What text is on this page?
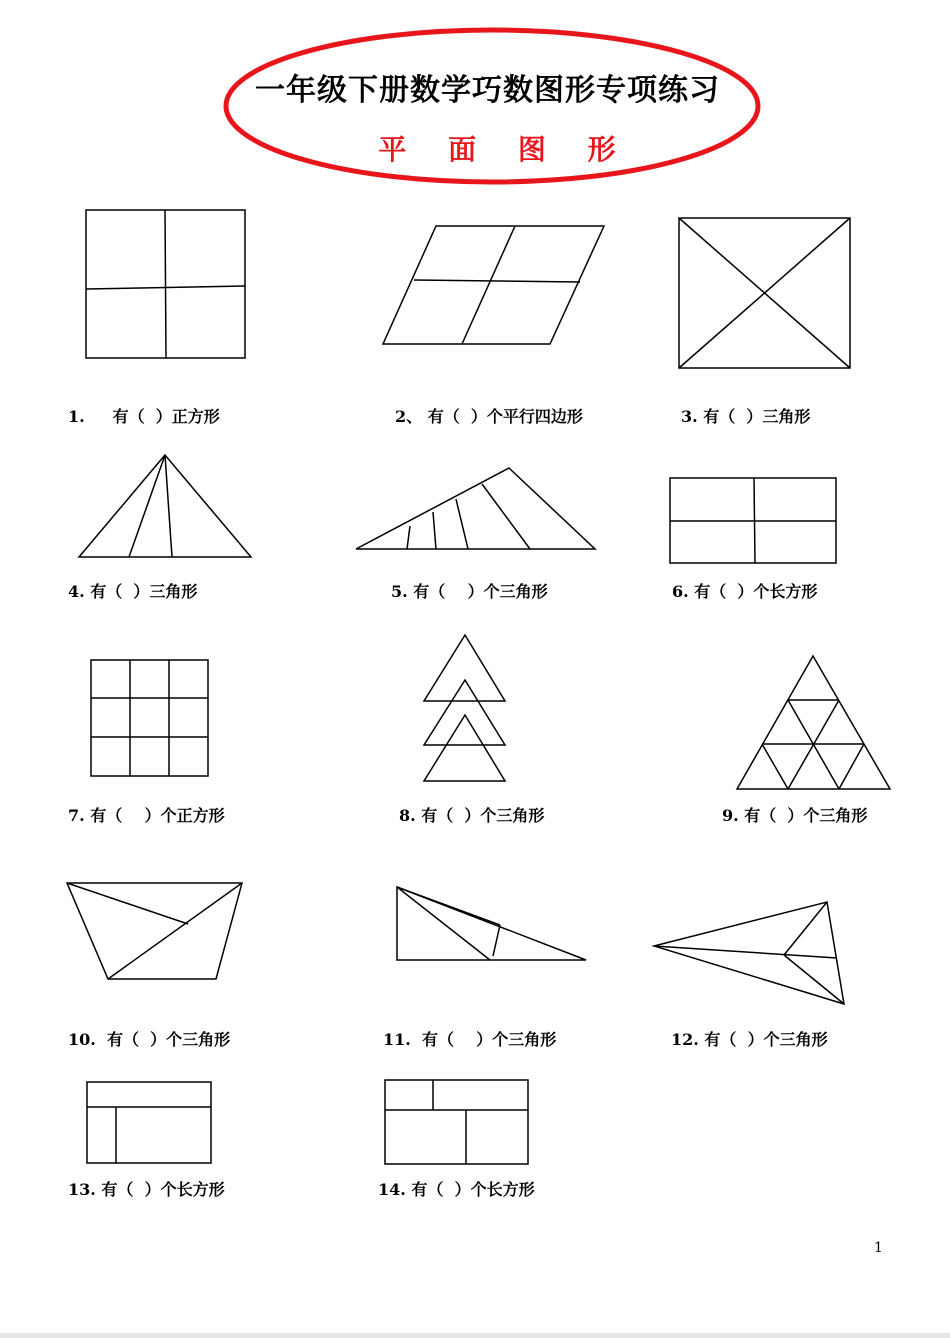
一年级下册数学巧数图形专项练习
平 面 图 形
1. 有（  ）正方形	2、 有（  ）个平行四边形	3. 有（  ）三角形
4. 有（  ）三角形	5. 有（    ）个三角形	6. 有（  ）个长方形
7. 有（    ）个正方形	8. 有（  ）个三角形	9. 有（  ）个三角形
10. 有（  ）个三角形	11. 有（    ）个三角形	12. 有（  ）个三角形
13. 有（  ）个长方形	14. 有（  ）个长方形
1
